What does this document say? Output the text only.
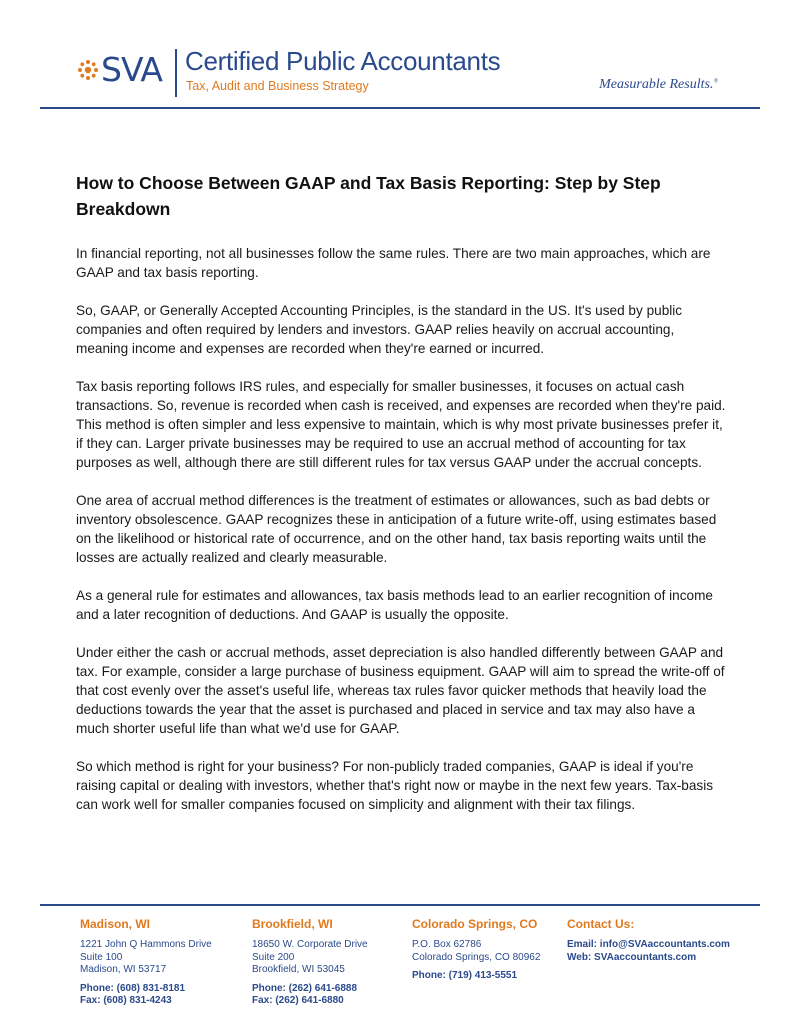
SVA Certified Public Accountants
Tax, Audit and Business Strategy	Measurable Results.®
How to Choose Between GAAP and Tax Basis Reporting: Step by Step Breakdown

In financial reporting, not all businesses follow the same rules. There are two main approaches, which are GAAP and tax basis reporting.

So, GAAP, or Generally Accepted Accounting Principles, is the standard in the US. It's used by public companies and often required by lenders and investors. GAAP relies heavily on accrual accounting, meaning income and expenses are recorded when they're earned or incurred.

Tax basis reporting follows IRS rules, and especially for smaller businesses, it focuses on actual cash transactions. So, revenue is recorded when cash is received, and expenses are recorded when they're paid. This method is often simpler and less expensive to maintain, which is why most private businesses prefer it, if they can. Larger private businesses may be required to use an accrual method of accounting for tax purposes as well, although there are still different rules for tax versus GAAP under the accrual concepts.

One area of accrual method differences is the treatment of estimates or allowances, such as bad debts or inventory obsolescence. GAAP recognizes these in anticipation of a future write-off, using estimates based on the likelihood or historical rate of occurrence, and on the other hand, tax basis reporting waits until the losses are actually realized and clearly measurable.

As a general rule for estimates and allowances, tax basis methods lead to an earlier recognition of income and a later recognition of deductions. And GAAP is usually the opposite.

Under either the cash or accrual methods, asset depreciation is also handled differently between GAAP and tax. For example, consider a large purchase of business equipment. GAAP will aim to spread the write-off of that cost evenly over the asset's useful life, whereas tax rules favor quicker methods that heavily load the deductions towards the year that the asset is purchased and placed in service and tax may also have a much shorter useful life than what we'd use for GAAP.

So which method is right for your business? For non-publicly traded companies, GAAP is ideal if you're raising capital or dealing with investors, whether that's right now or maybe in the next few years. Tax-basis can work well for smaller companies focused on simplicity and alignment with their tax filings.

Madison, WI
1221 John Q Hammons Drive
Suite 100
Madison, WI 53717
Phone: (608) 831-8181
Fax: (608) 831-4243
Brookfield, WI
18650 W. Corporate Drive
Suite 200
Brookfield, WI 53045
Phone: (262) 641-6888
Fax: (262) 641-6880
Colorado Springs, CO
P.O. Box 62786
Colorado Springs, CO 80962
Phone: (719) 413-5551
Contact Us:
Email: info@SVAaccountants.com
Web: SVAaccountants.com
